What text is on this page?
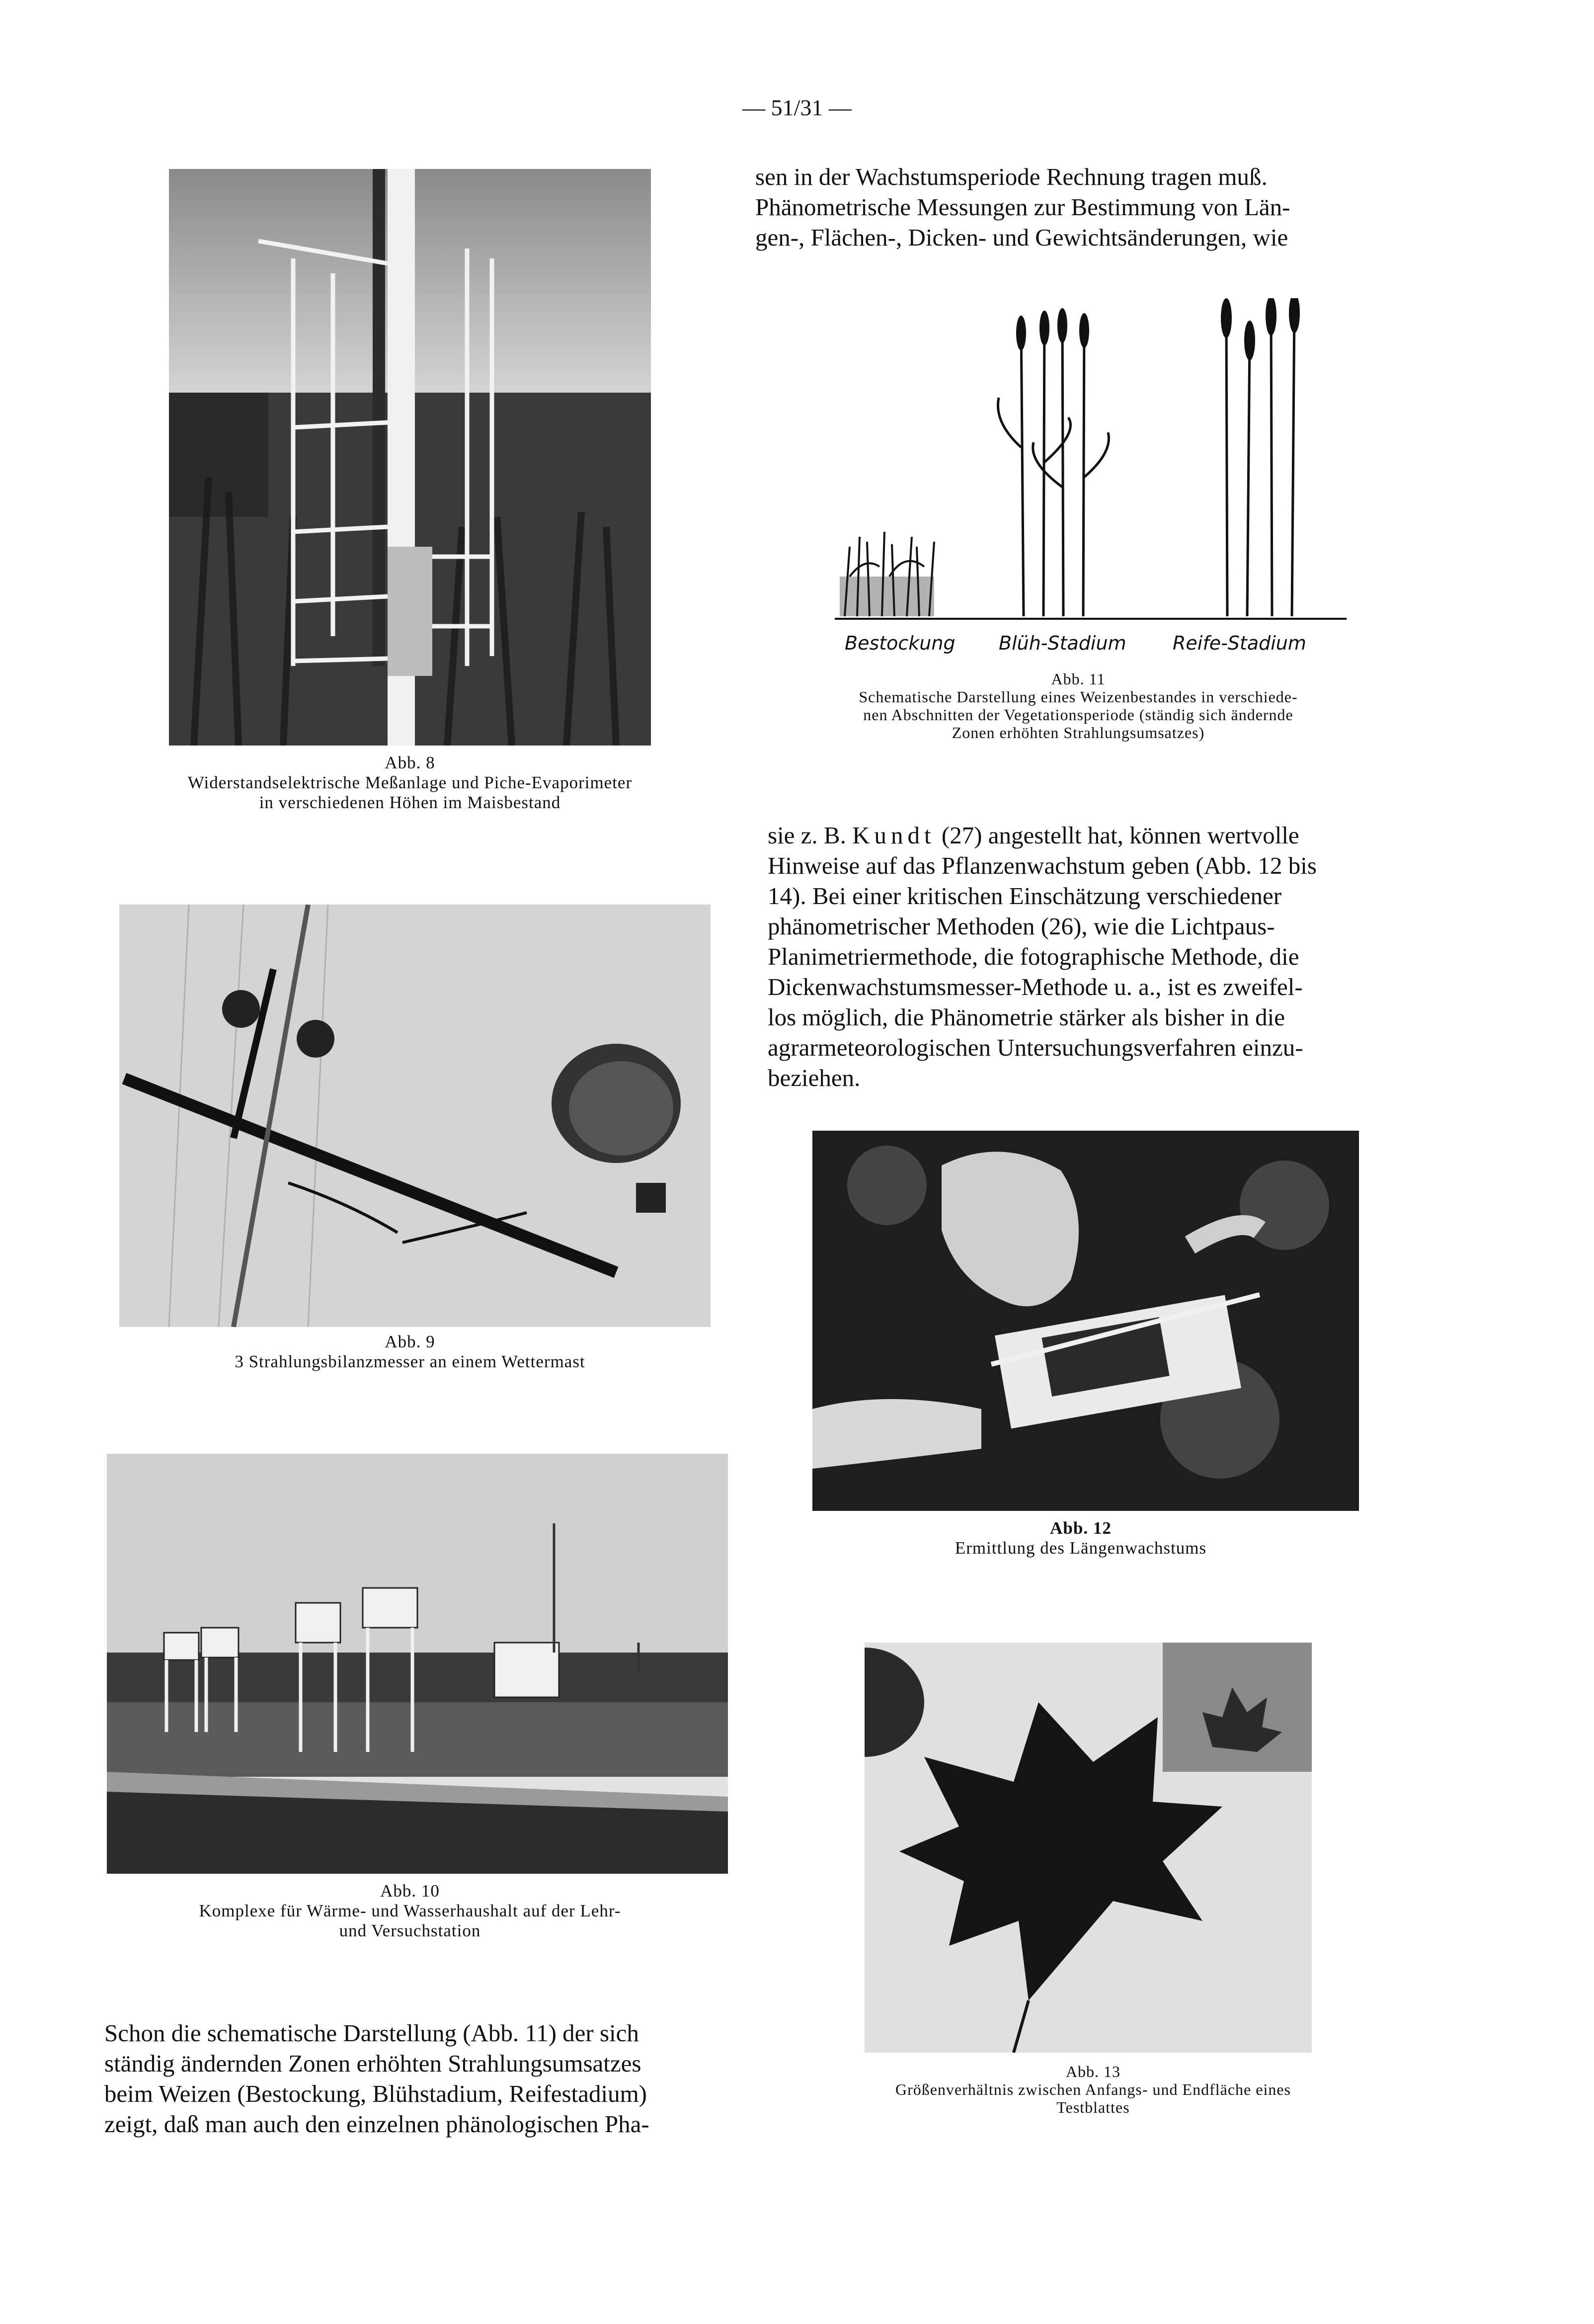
— 51/31 —
sen in der Wachstumsperiode Rechnung tragen muß.
Phänometrische Messungen zur Bestimmung von Län-
gen-, Flächen-, Dicken- und Gewichtsänderungen, wie
Abb. 8
Widerstandselektrische Meßanlage und Piche-Evaporimeter
in verschiedenen Höhen im Maisbestand
Bestockung Blüh-Stadium Reife-Stadium
Abb. 11
Schematische Darstellung eines Weizenbestandes in verschiede-
nen Abschnitten der Vegetationsperiode (ständig sich ändernde
Zonen erhöhten Strahlungsumsatzes)
sie z. B. Kundt (27) angestellt hat, können wertvolle
Hinweise auf das Pflanzenwachstum geben (Abb. 12 bis
14). Bei einer kritischen Einschätzung verschiedener
phänometrischer Methoden (26), wie die Lichtpaus-
Planimetriermethode, die fotographische Methode, die
Dickenwachstumsmesser-Methode u. a., ist es zweifel-
los möglich, die Phänometrie stärker als bisher in die
agrarmeteorologischen Untersuchungsverfahren einzu-
beziehen.
Abb. 9
3 Strahlungsbilanzmesser an einem Wettermast
Abb. 12
Ermittlung des Längenwachstums
Abb. 10
Komplexe für Wärme- und Wasserhaushalt auf der Lehr-
und Versuchstation
Abb. 13
Größenverhältnis zwischen Anfangs- und Endfläche eines
Testblattes
Schon die schematische Darstellung (Abb. 11) der sich
ständig ändernden Zonen erhöhten Strahlungsumsatzes
beim Weizen (Bestockung, Blühstadium, Reifestadium)
zeigt, daß man auch den einzelnen phänologischen Pha-
